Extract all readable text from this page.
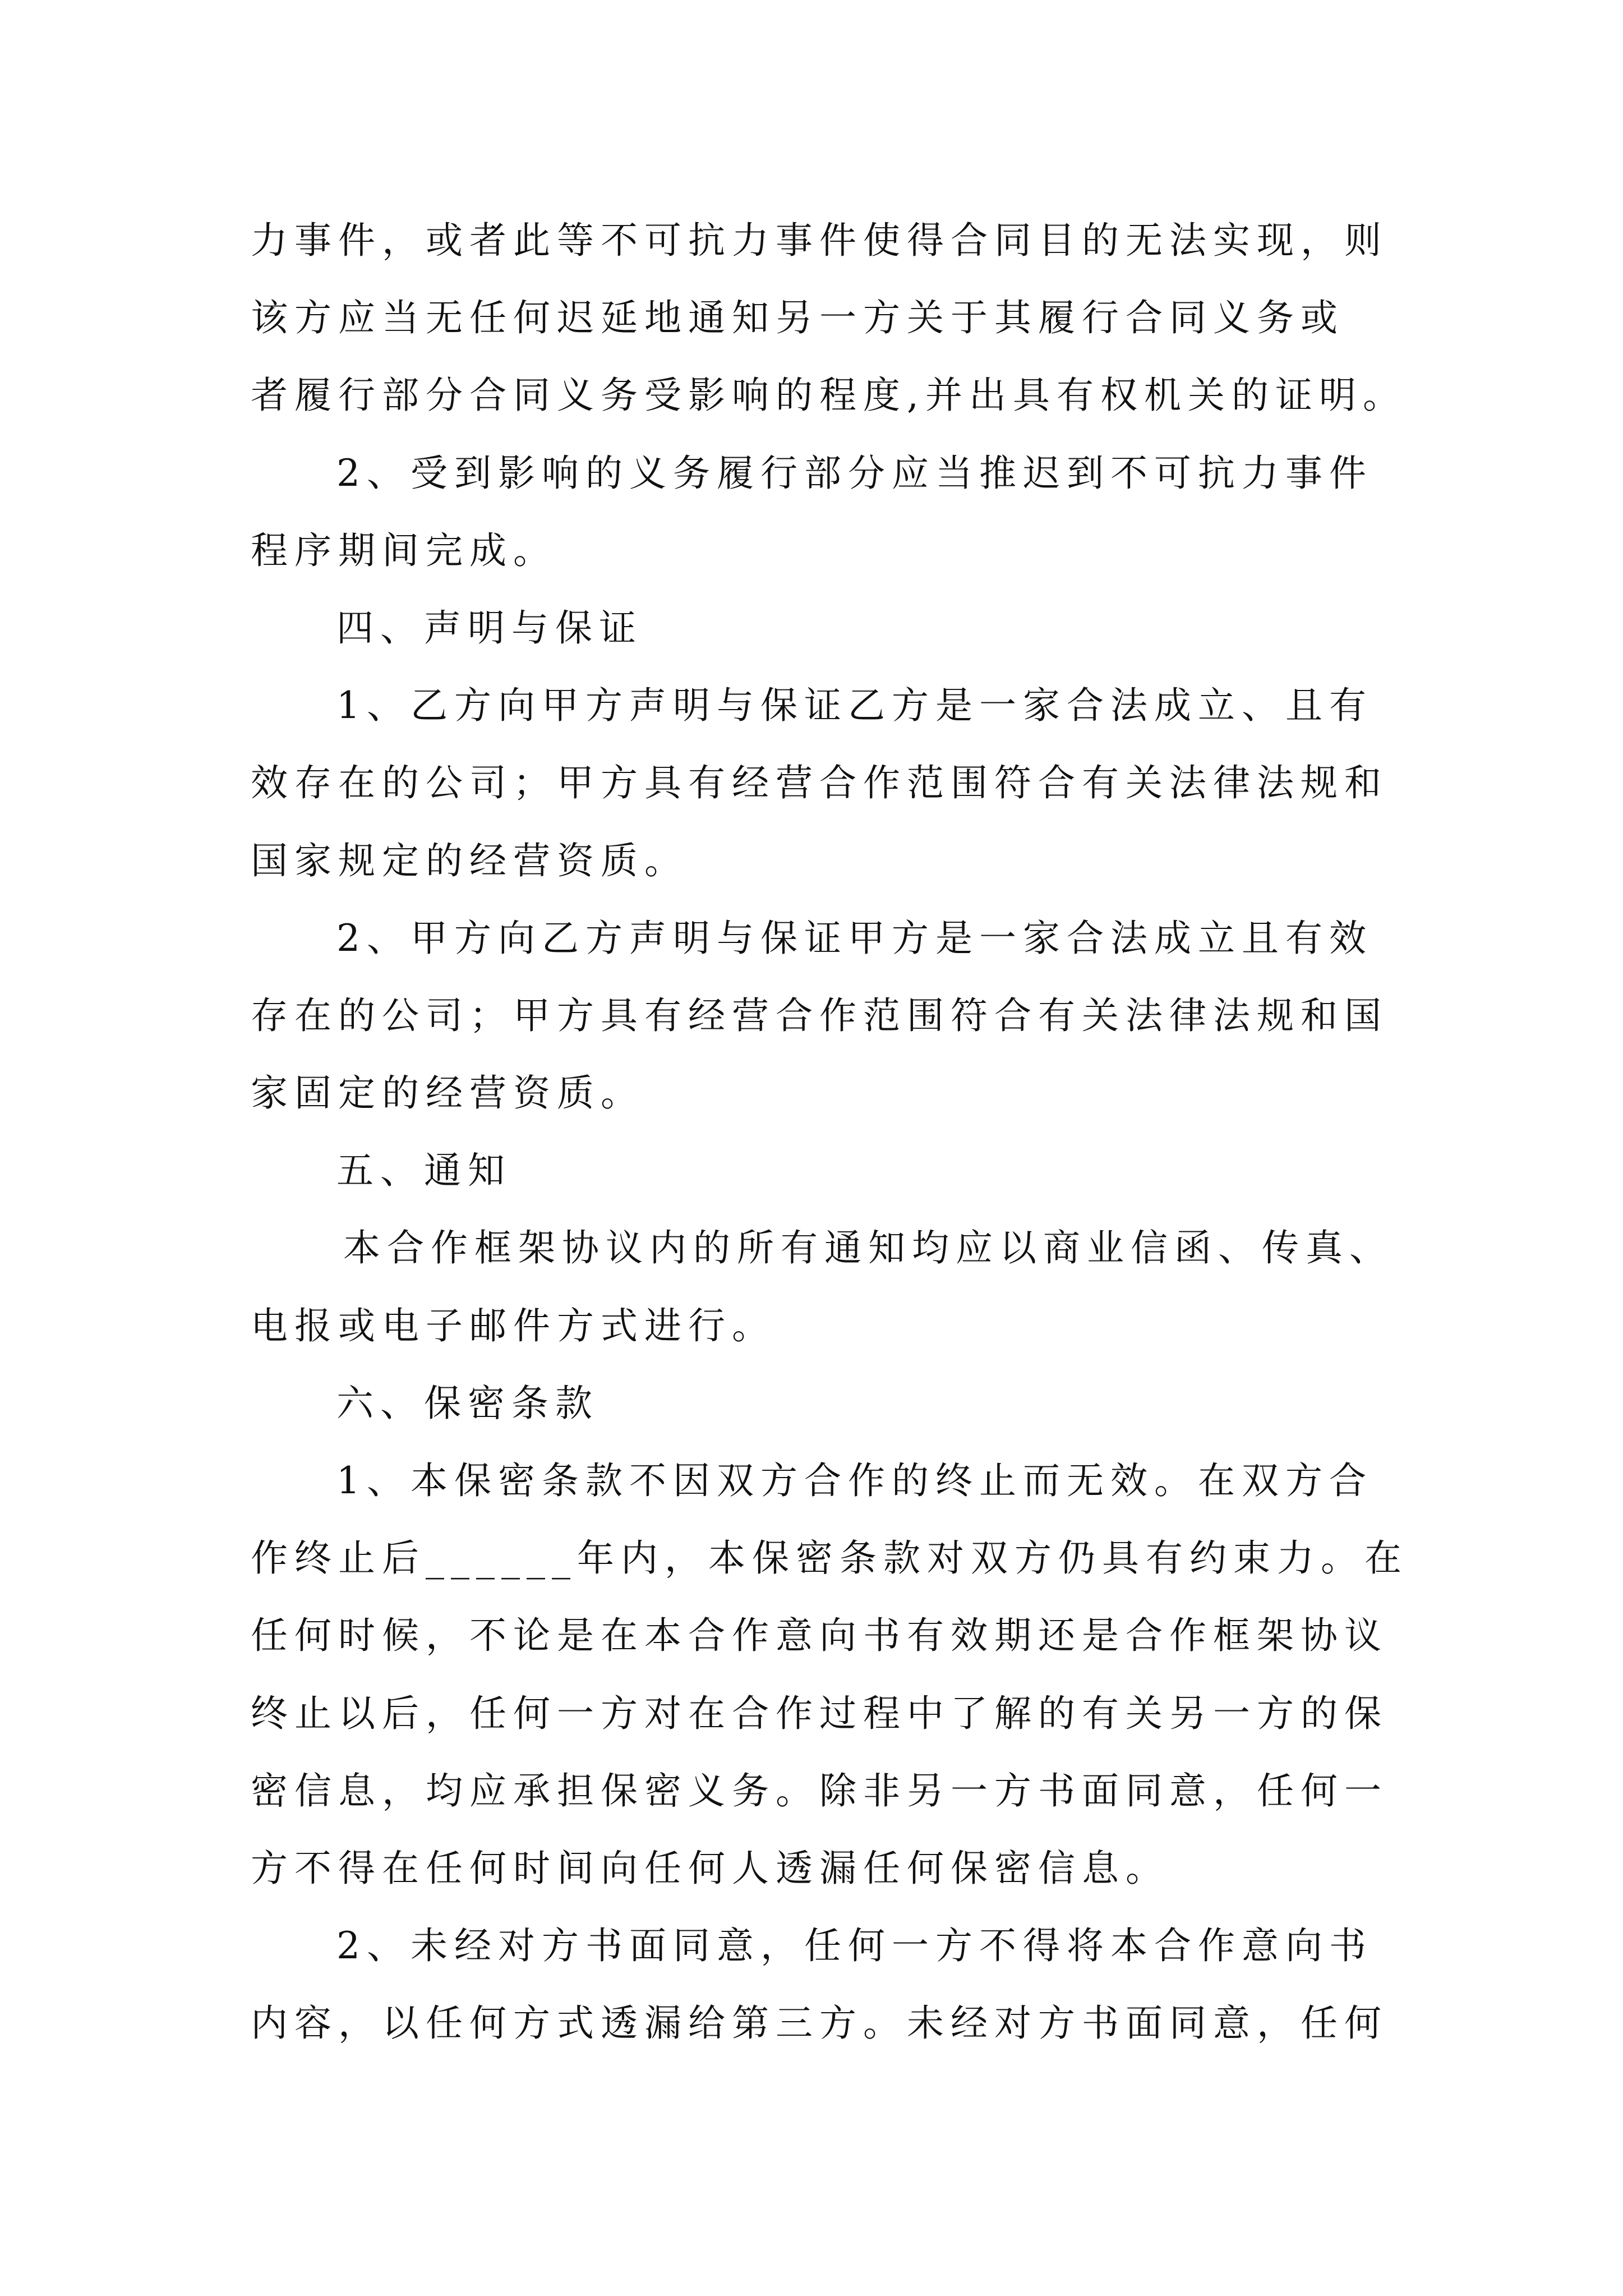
力事件，或者此等不可抗力事件使得合同目的无法实现，则
该方应当无任何迟延地通知另一方关于其履行合同义务或
者履行部分合同义务受影响的程度,并出具有权机关的证明。
2、受到影响的义务履行部分应当推迟到不可抗力事件
程序期间完成。
四、声明与保证
1、乙方向甲方声明与保证乙方是一家合法成立、且有
效存在的公司；甲方具有经营合作范围符合有关法律法规和
国家规定的经营资质。
2、甲方向乙方声明与保证甲方是一家合法成立且有效
存在的公司；甲方具有经营合作范围符合有关法律法规和国
家固定的经营资质。
五、通知
本合作框架协议内的所有通知均应以商业信函、传真、
电报或电子邮件方式进行。
六、保密条款
1、本保密条款不因双方合作的终止而无效。在双方合
作终止后______年内，本保密条款对双方仍具有约束力。在
任何时候，不论是在本合作意向书有效期还是合作框架协议
终止以后，任何一方对在合作过程中了解的有关另一方的保
密信息，均应承担保密义务。除非另一方书面同意，任何一
方不得在任何时间向任何人透漏任何保密信息。
2、未经对方书面同意，任何一方不得将本合作意向书
内容，以任何方式透漏给第三方。未经对方书面同意，任何
